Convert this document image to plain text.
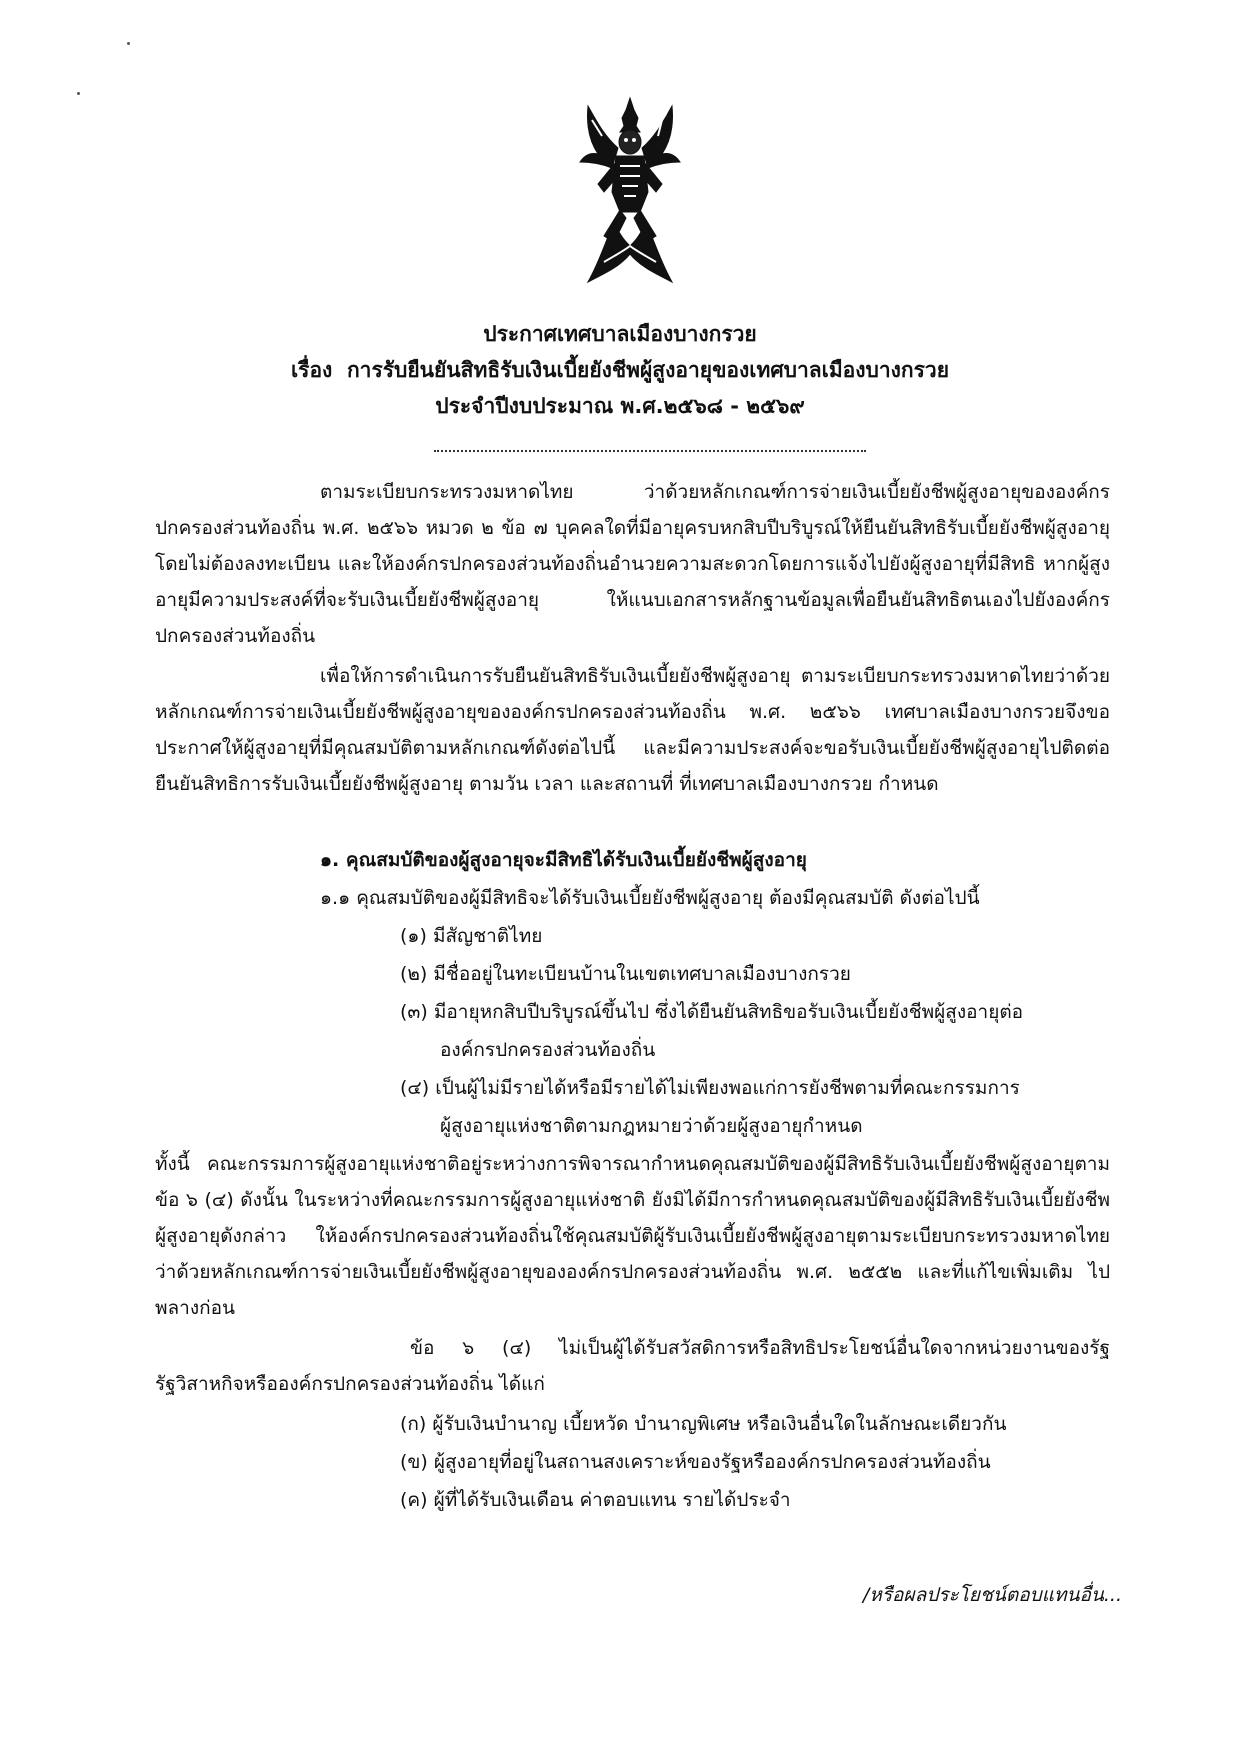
ประกาศเทศบาลเมืองบางกรวย
เรื่อง การรับยืนยันสิทธิรับเงินเบี้ยยังชีพผู้สูงอายุของเทศบาลเมืองบางกรวย
ประจำปีงบประมาณ พ.ศ.๒๕๖๘ - ๒๕๖๙
ตามระเบียบกระทรวงมหาดไทย ว่าด้วยหลักเกณฑ์การจ่ายเงินเบี้ยยังชีพผู้สูงอายุขององค์กรปกครองส่วนท้องถิ่น พ.ศ. ๒๕๖๖ หมวด ๒ ข้อ ๗ บุคคลใดที่มีอายุครบหกสิบปีบริบูรณ์ให้ยืนยันสิทธิรับเบี้ยยังชีพผู้สูงอายุโดยไม่ต้องลงทะเบียน และให้องค์กรปกครองส่วนท้องถิ่นอำนวยความสะดวกโดยการแจ้งไปยังผู้สูงอายุที่มีสิทธิ หากผู้สูงอายุมีความประสงค์ที่จะรับเงินเบี้ยยังชีพผู้สูงอายุ ให้แนบเอกสารหลักฐานข้อมูลเพื่อยืนยันสิทธิตนเองไปยังองค์กรปกครองส่วนท้องถิ่น
เพื่อให้การดำเนินการรับยืนยันสิทธิรับเงินเบี้ยยังชีพผู้สูงอายุ ตามระเบียบกระทรวงมหาดไทยว่าด้วยหลักเกณฑ์การจ่ายเงินเบี้ยยังชีพผู้สูงอายุขององค์กรปกครองส่วนท้องถิ่น พ.ศ. ๒๕๖๖ เทศบาลเมืองบางกรวยจึงขอประกาศให้ผู้สูงอายุที่มีคุณสมบัติตามหลักเกณฑ์ดังต่อไปนี้ และมีความประสงค์จะขอรับเงินเบี้ยยังชีพผู้สูงอายุไปติดต่อยืนยันสิทธิการรับเงินเบี้ยยังชีพผู้สูงอายุ ตามวัน เวลา และสถานที่ ที่เทศบาลเมืองบางกรวย กำหนด
๑. คุณสมบัติของผู้สูงอายุจะมีสิทธิได้รับเงินเบี้ยยังชีพผู้สูงอายุ
๑.๑ คุณสมบัติของผู้มีสิทธิจะได้รับเงินเบี้ยยังชีพผู้สูงอายุ ต้องมีคุณสมบัติ ดังต่อไปนี้
(๑) มีสัญชาติไทย
(๒) มีชื่ออยู่ในทะเบียนบ้านในเขตเทศบาลเมืองบางกรวย
(๓) มีอายุหกสิบปีบริบูรณ์ขึ้นไป ซึ่งได้ยืนยันสิทธิขอรับเงินเบี้ยยังชีพผู้สูงอายุต่อ
องค์กรปกครองส่วนท้องถิ่น
(๔) เป็นผู้ไม่มีรายได้หรือมีรายได้ไม่เพียงพอแก่การยังชีพตามที่คณะกรรมการ
ผู้สูงอายุแห่งชาติตามกฎหมายว่าด้วยผู้สูงอายุกำหนด
ทั้งนี้ คณะกรรมการผู้สูงอายุแห่งชาติอยู่ระหว่างการพิจารณากำหนดคุณสมบัติของผู้มีสิทธิรับเงินเบี้ยยังชีพผู้สูงอายุตามข้อ ๖ (๔) ดังนั้น ในระหว่างที่คณะกรรมการผู้สูงอายุแห่งชาติ ยังมิได้มีการกำหนดคุณสมบัติของผู้มีสิทธิรับเงินเบี้ยยังชีพผู้สูงอายุดังกล่าว ให้องค์กรปกครองส่วนท้องถิ่นใช้คุณสมบัติผู้รับเงินเบี้ยยังชีพผู้สูงอายุตามระเบียบกระทรวงมหาดไทย ว่าด้วยหลักเกณฑ์การจ่ายเงินเบี้ยยังชีพผู้สูงอายุขององค์กรปกครองส่วนท้องถิ่น พ.ศ. ๒๕๕๒ และที่แก้ไขเพิ่มเติม ไปพลางก่อน
ข้อ ๖ (๔) ไม่เป็นผู้ได้รับสวัสดิการหรือสิทธิประโยชน์อื่นใดจากหน่วยงานของรัฐรัฐวิสาหกิจหรือองค์กรปกครองส่วนท้องถิ่น ได้แก่
(ก) ผู้รับเงินบำนาญ เบี้ยหวัด บำนาญพิเศษ หรือเงินอื่นใดในลักษณะเดียวกัน
(ข) ผู้สูงอายุที่อยู่ในสถานสงเคราะห์ของรัฐหรือองค์กรปกครองส่วนท้องถิ่น
(ค) ผู้ที่ได้รับเงินเดือน ค่าตอบแทน รายได้ประจำ
/หรือผลประโยชน์ตอบแทนอื่น...
